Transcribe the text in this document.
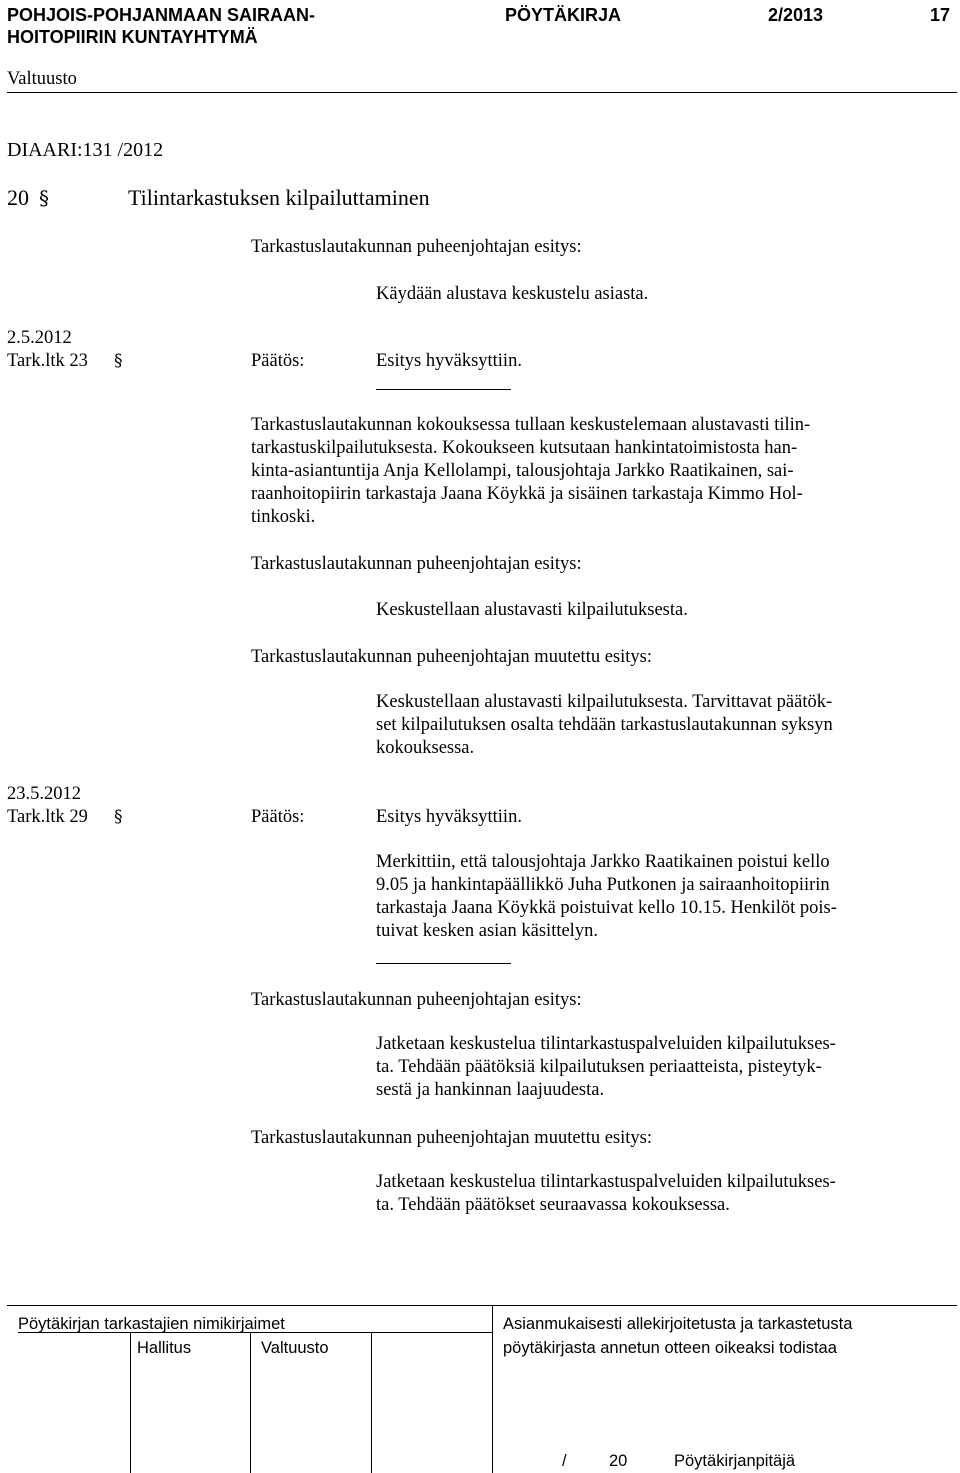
POHJOIS-POHJANMAAN SAIRAAN-
HOITOPIIRIN KUNTAYHTYMÄ
PÖYTÄKIRJA	2/2013	17
Valtuusto
DIAARI:131 /2012
20 §	Tilintarkastuksen kilpailuttaminen
Tarkastuslautakunnan puheenjohtajan esitys:
Käydään alustava keskustelu asiasta.
2.5.2012
Tark.ltk 23 §	Päätös:	Esitys hyväksyttiin.
Tarkastuslautakunnan kokouksessa tullaan keskustelemaan alustavasti tilin-
tarkastuskilpailutuksesta. Kokoukseen kutsutaan hankintatoimistosta han-
kinta-asiantuntija Anja Kellolampi, talousjohtaja Jarkko Raatikainen, sai-
raanhoitopiirin tarkastaja Jaana Köykkä ja sisäinen tarkastaja Kimmo Hol-
tinkoski.
Tarkastuslautakunnan puheenjohtajan esitys:
Keskustellaan alustavasti kilpailutuksesta.
Tarkastuslautakunnan puheenjohtajan muutettu esitys:
Keskustellaan alustavasti kilpailutuksesta. Tarvittavat päätök-
set kilpailutuksen osalta tehdään tarkastuslautakunnan syksyn
kokouksessa.
23.5.2012
Tark.ltk 29 §	Päätös:	Esitys hyväksyttiin.
Merkittiin, että talousjohtaja Jarkko Raatikainen poistui kello
9.05 ja hankintapäällikkö Juha Putkonen ja sairaanhoitopiirin
tarkastaja Jaana Köykkä poistuivat kello 10.15. Henkilöt pois-
tuivat kesken asian käsittelyn.
Tarkastuslautakunnan puheenjohtajan esitys:
Jatketaan keskustelua tilintarkastuspalveluiden kilpailutukses-
ta. Tehdään päätöksiä kilpailutuksen periaatteista, pisteytyk-
sestä ja hankinnan laajuudesta.
Tarkastuslautakunnan puheenjohtajan muutettu esitys:
Jatketaan keskustelua tilintarkastuspalveluiden kilpailutukses-
ta. Tehdään päätökset seuraavassa kokouksessa.
Pöytäkirjan tarkastajien nimikirjaimet
Hallitus	Valtuusto
Asianmukaisesti allekirjoitetusta ja tarkastetusta
pöytäkirjasta annetun otteen oikeaksi todistaa
/	20	Pöytäkirjanpitäjä
